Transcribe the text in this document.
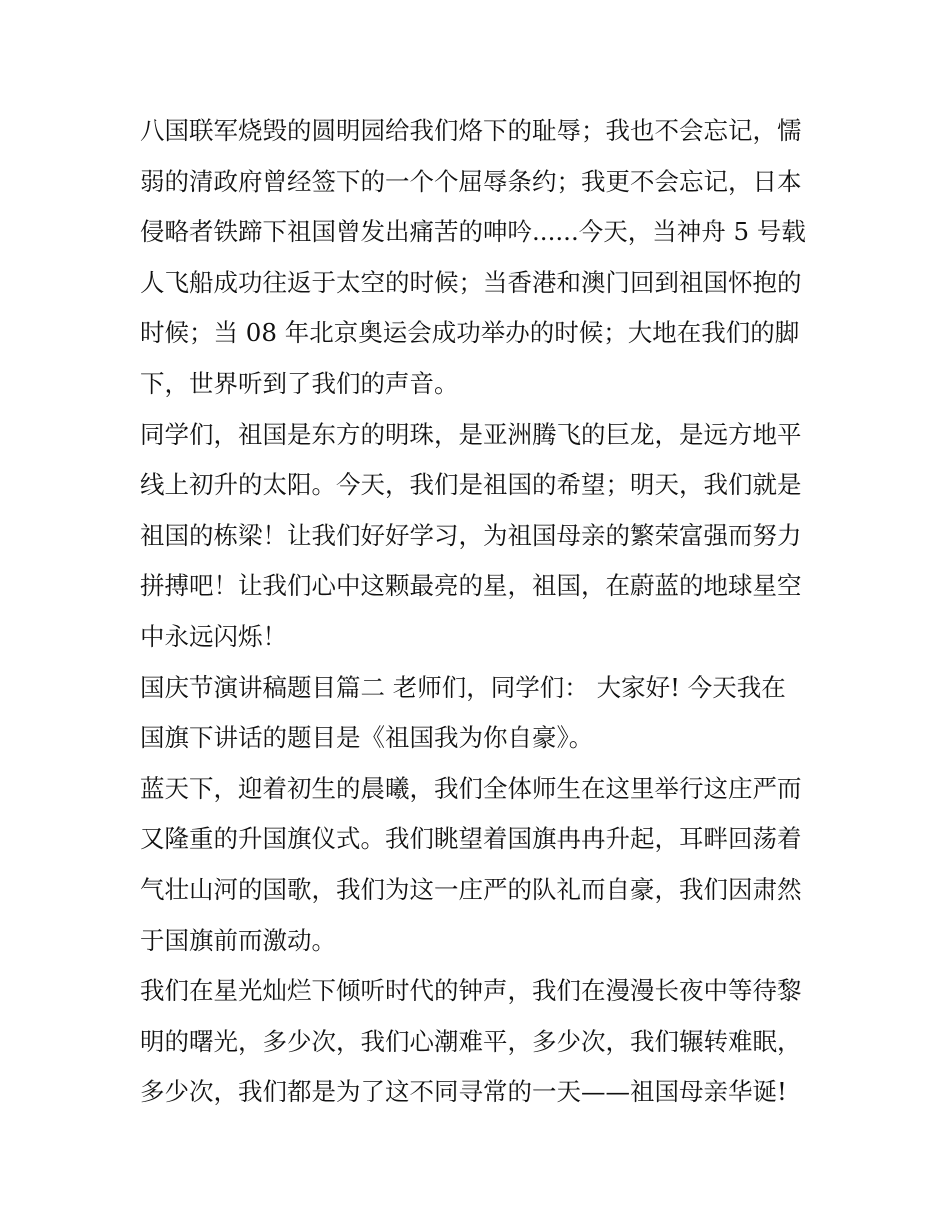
八国联军烧毁的圆明园给我们烙下的耻辱；我也不会忘记，懦
弱的清政府曾经签下的一个个屈辱条约；我更不会忘记，日本
侵略者铁蹄下祖国曾发出痛苦的呻吟......今天，当神舟 5 号载
人飞船成功往返于太空的时候；当香港和澳门回到祖国怀抱的
时候；当 08 年北京奥运会成功举办的时候；大地在我们的脚
下，世界听到了我们的声音。
同学们，祖国是东方的明珠，是亚洲腾飞的巨龙，是远方地平
线上初升的太阳。今天，我们是祖国的希望；明天，我们就是
祖国的栋梁！让我们好好学习，为祖国母亲的繁荣富强而努力
拼搏吧！让我们心中这颗最亮的星，祖国，在蔚蓝的地球星空
中永远闪烁！
国庆节演讲稿题目篇二 老师们，同学们： 大家好! 今天我在
国旗下讲话的题目是《祖国我为你自豪》。
蓝天下，迎着初生的晨曦，我们全体师生在这里举行这庄严而
又隆重的升国旗仪式。我们眺望着国旗冉冉升起，耳畔回荡着
气壮山河的国歌，我们为这一庄严的队礼而自豪，我们因肃然
于国旗前而激动。
我们在星光灿烂下倾听时代的钟声，我们在漫漫长夜中等待黎
明的曙光，多少次，我们心潮难平，多少次，我们辗转难眠，
多少次，我们都是为了这不同寻常的一天——祖国母亲华诞!
